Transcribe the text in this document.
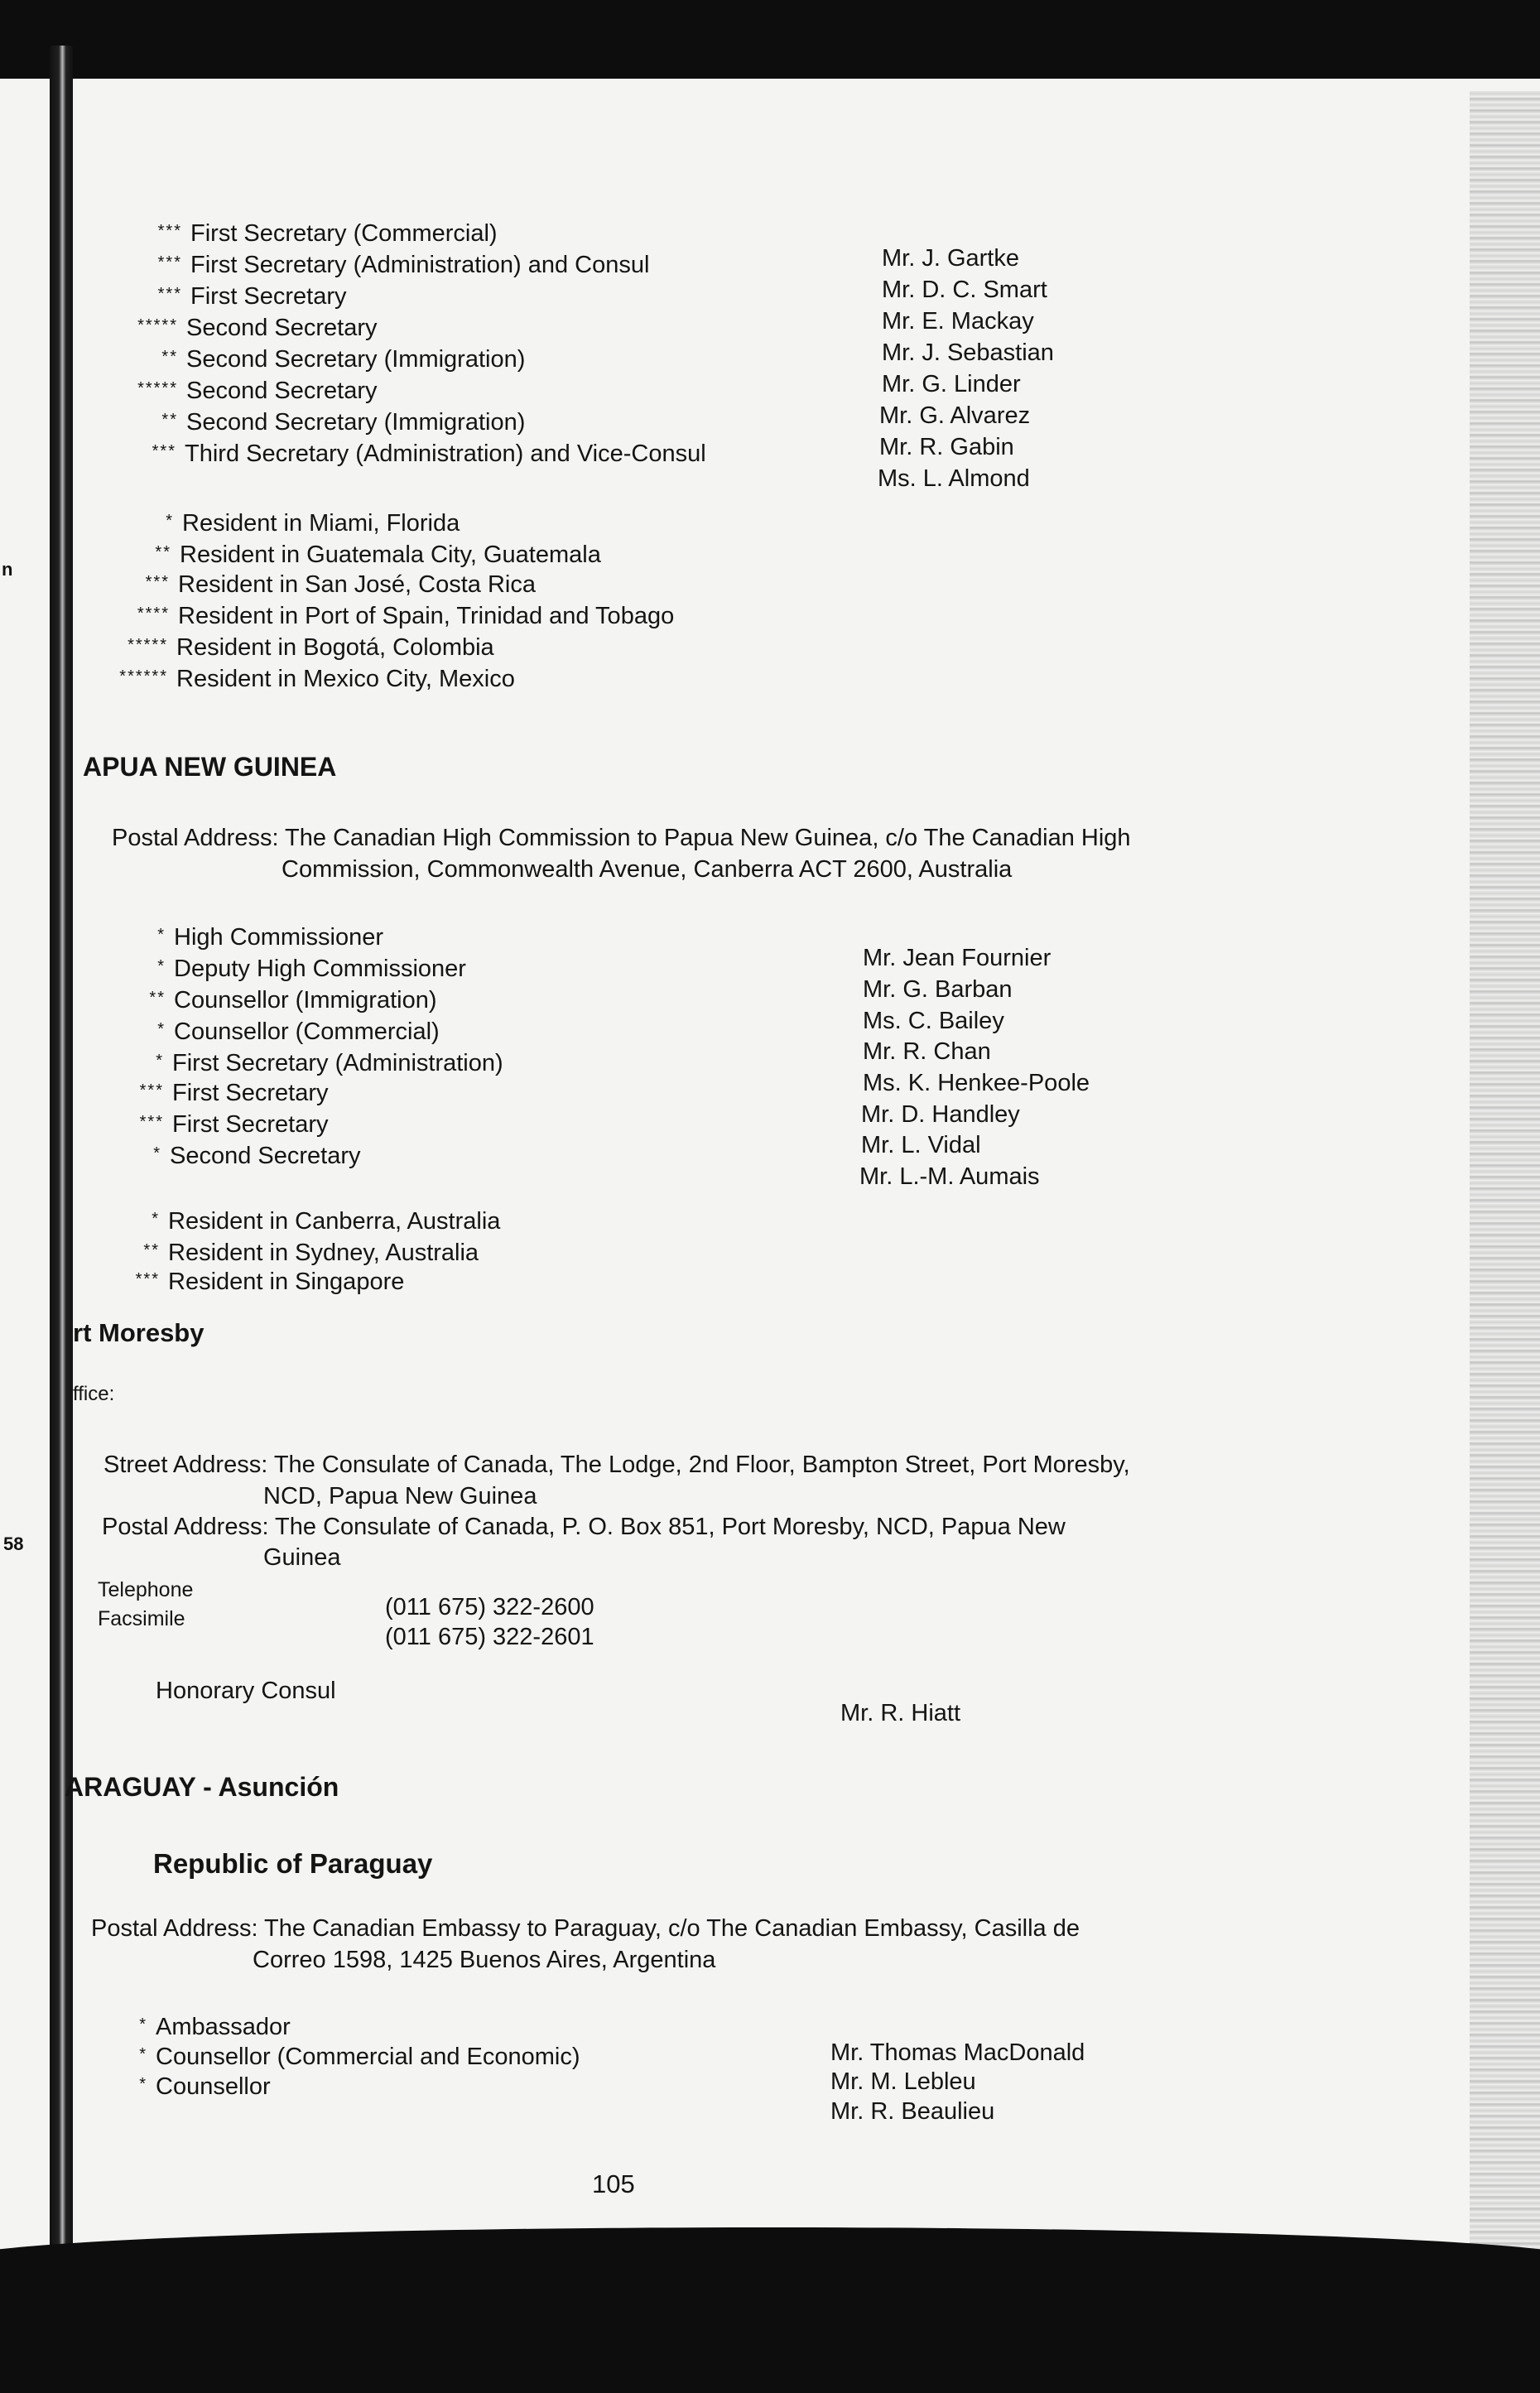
n
58
*** First Secretary (Commercial)
Mr. J. Gartke
*** First Secretary (Administration) and Consul
Mr. D. C. Smart
*** First Secretary
Mr. E. Mackay
***** Second Secretary
Mr. J. Sebastian
** Second Secretary (Immigration)
Mr. G. Linder
***** Second Secretary
Mr. G. Alvarez
** Second Secretary (Immigration)
Mr. R. Gabin
*** Third Secretary (Administration) and Vice-Consul
Ms. L. Almond
* Resident in Miami, Florida
** Resident in Guatemala City, Guatemala
*** Resident in San José, Costa Rica
**** Resident in Port of Spain, Trinidad and Tobago
***** Resident in Bogotá, Colombia
****** Resident in Mexico City, Mexico
APUA NEW GUINEA
Postal Address: The Canadian High Commission to Papua New Guinea, c/o The Canadian High
Commission, Commonwealth Avenue, Canberra ACT 2600, Australia
* High Commissioner
Mr. Jean Fournier
* Deputy High Commissioner
Mr. G. Barban
** Counsellor (Immigration)
Ms. C. Bailey
* Counsellor (Commercial)
Mr. R. Chan
* First Secretary (Administration)
Ms. K. Henkee-Poole
*** First Secretary
Mr. D. Handley
*** First Secretary
Mr. L. Vidal
* Second Secretary
Mr. L.-M. Aumais
* Resident in Canberra, Australia
** Resident in Sydney, Australia
*** Resident in Singapore
rt Moresby
ffice:
Street Address: The Consulate of Canada, The Lodge, 2nd Floor, Bampton Street, Port Moresby,
NCD, Papua New Guinea
Postal Address: The Consulate of Canada, P. O. Box 851, Port Moresby, NCD, Papua New
Guinea
Telephone
(011 675) 322-2600
Facsimile
(011 675) 322-2601
Honorary Consul
Mr. R. Hiatt
ARAGUAY - Asunción
Republic of Paraguay
Postal Address: The Canadian Embassy to Paraguay, c/o The Canadian Embassy, Casilla de
Correo 1598, 1425 Buenos Aires, Argentina
* Ambassador
Mr. Thomas MacDonald
* Counsellor (Commercial and Economic)
Mr. M. Lebleu
* Counsellor
Mr. R. Beaulieu
105
